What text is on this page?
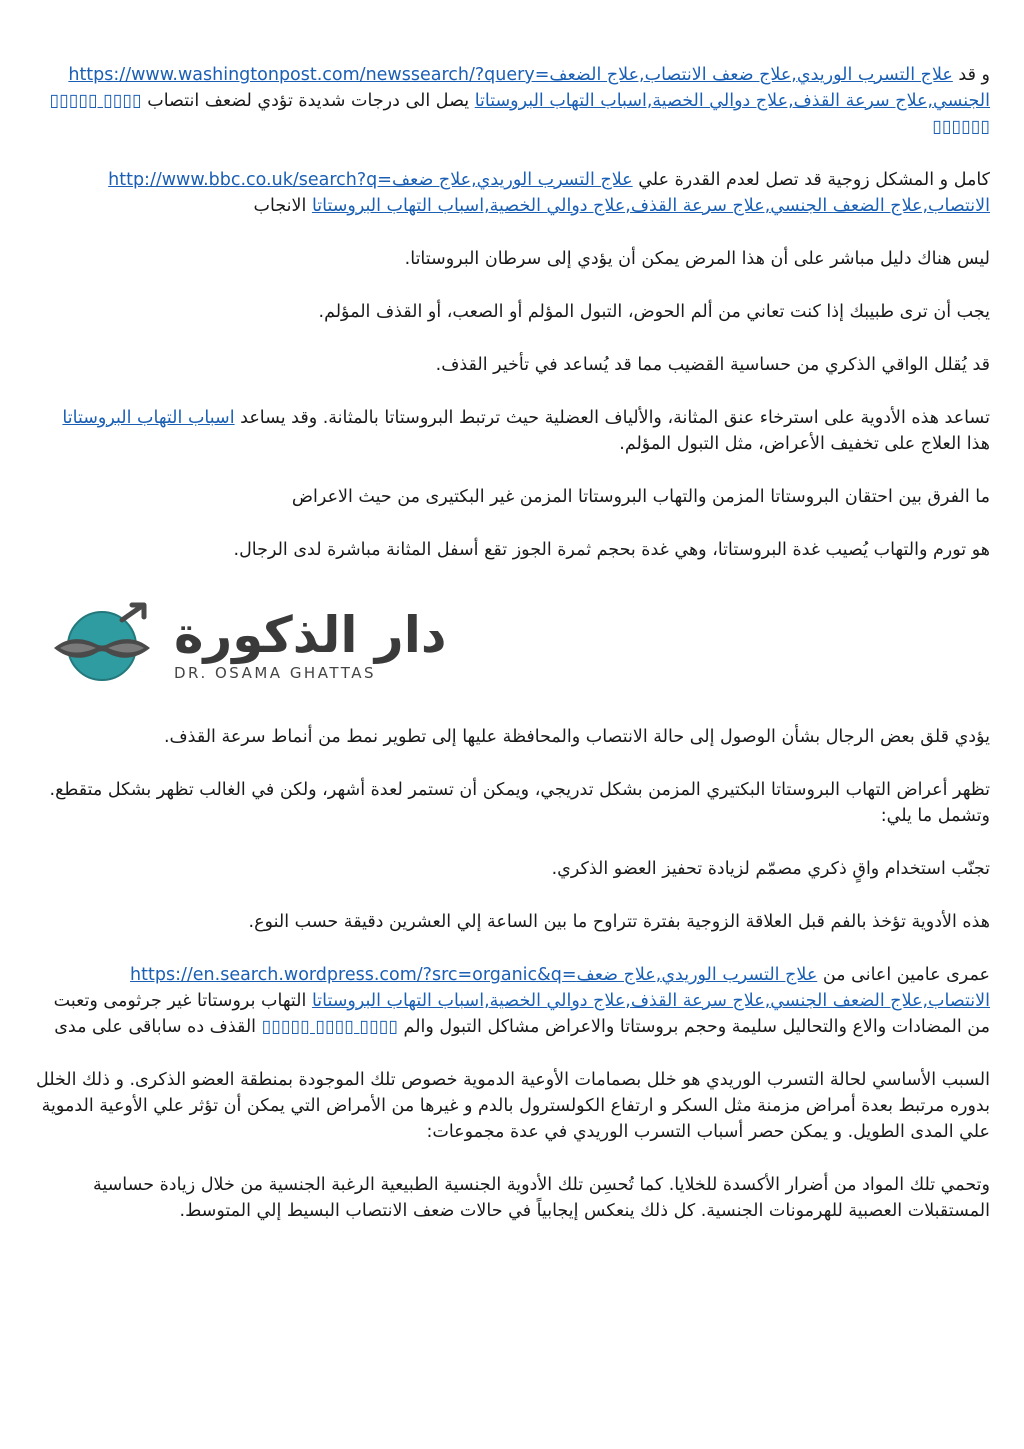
و قد https://www.washingtonpost.com/newssearch/?query=علاج التسرب الوريدي,علاج ضعف الانتصاب,علاج الضعف الجنسي,علاج سرعة القذف,علاج دوالي الخصية,اسباب التهاب البروستاتا يصل الى درجات شديدة تؤدي لضعف انتصاب ▯▯▯▯ ▯▯▯▯▯ ▯▯▯▯▯▯

كامل و المشكل زوجية قد تصل لعدم القدرة علي http://www.bbc.co.uk/search?q=علاج التسرب الوريدي,علاج ضعف الانتصاب,علاج الضعف الجنسي,علاج سرعة القذف,علاج دوالي الخصية,اسباب التهاب البروستاتا الانجاب

ليس هناك دليل مباشر على أن هذا المرض يمكن أن يؤدي إلى سرطان البروستاتا.

يجب أن ترى طبيبك إذا كنت تعاني من ألم الحوض، التبول المؤلم أو الصعب، أو القذف المؤلم.

قد يُقلل الواقي الذكري من حساسية القضيب مما قد يُساعد في تأخير القذف.

تساعد هذه الأدوية على استرخاء عنق المثانة، والألياف العضلية حيث ترتبط البروستاتا بالمثانة. وقد يساعد اسباب التهاب البروستاتا هذا العلاج على تخفيف الأعراض، مثل التبول المؤلم.

ما الفرق بين احتقان البروستاتا المزمن والتهاب البروستاتا المزمن غير البكتيرى من حيث الاعراض

هو تورم والتهاب يُصيب غدة البروستاتا، وهي غدة بحجم ثمرة الجوز تقع أسفل المثانة مباشرة لدى الرجال.

دار الذكورة
DR. OSAMA GHATTAS

يؤدي قلق بعض الرجال بشأن الوصول إلى حالة الانتصاب والمحافظة عليها إلى تطوير نمط من أنماط سرعة القذف.

تظهر أعراض التهاب البروستاتا البكتيري المزمن بشكل تدريجي، ويمكن أن تستمر لعدة أشهر، ولكن في الغالب تظهر بشكل متقطع. وتشمل ما يلي:

تجنّب استخدام واقٍ ذكري مصمّم لزيادة تحفيز العضو الذكري.

هذه الأدوية تؤخذ بالفم قبل العلاقة الزوجية بفترة تتراوح ما بين الساعة إلي العشرين دقيقة حسب النوع.

عمرى عامين اعانى من https://en.search.wordpress.com/?src=organic&q=علاج التسرب الوريدي,علاج ضعف الانتصاب,علاج الضعف الجنسي,علاج سرعة القذف,علاج دوالي الخصية,اسباب التهاب البروستاتا التهاب بروستاتا غير جرثومى وتعبت من المضادات والاع والتحاليل سليمة وحجم بروستاتا والاعراض مشاكل التبول والم ▯▯▯▯ ▯▯▯▯ ▯▯▯▯▯ القذف ده ساباقى على مدى

السبب الأساسي لحالة التسرب الوريدي هو خلل بصمامات الأوعية الدموية خصوص تلك الموجودة بمنطقة العضو الذكرى. و ذلك الخلل بدوره مرتبط بعدة أمراض مزمنة مثل السكر و ارتفاع الكولسترول بالدم و غيرها من الأمراض التي يمكن أن تؤثر علي الأوعية الدموية علي المدى الطويل. و يمكن حصر أسباب التسرب الوريدي في عدة مجموعات:

وتحمي تلك المواد من أضرار الأكسدة للخلايا. كما تُحسِن تلك الأدوية الجنسية الطبيعية الرغبة الجنسية من خلال زيادة حساسية المستقبلات العصبية للهرمونات الجنسية. كل ذلك ينعكس إيجابياً في حالات ضعف الانتصاب البسيط إلي المتوسط.
